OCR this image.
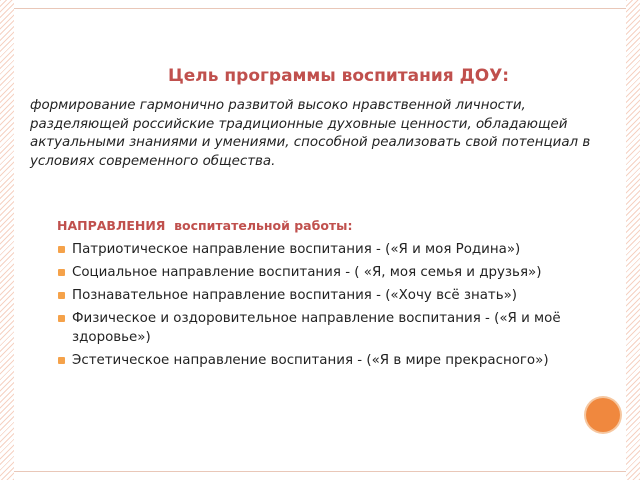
Цель программы воспитания ДОУ:
формирование гармонично развитой высоко нравственной личности, разделяющей российские традиционные духовные ценности, обладающей актуальными знаниями и умениями, способной реализовать свой потенциал в условиях современного общества.
НАПРАВЛЕНИЯ  воспитательной работы:
Патриотическое направление воспитания - («Я и моя Родина»)
Социальное направление воспитания - ( «Я, моя семья и друзья»)
Познавательное направление воспитания - («Хочу всё знать»)
Физическое и оздоровительное направление воспитания - («Я и моё   здоровье»)
Эстетическое направление воспитания - («Я в мире прекрасного»)
